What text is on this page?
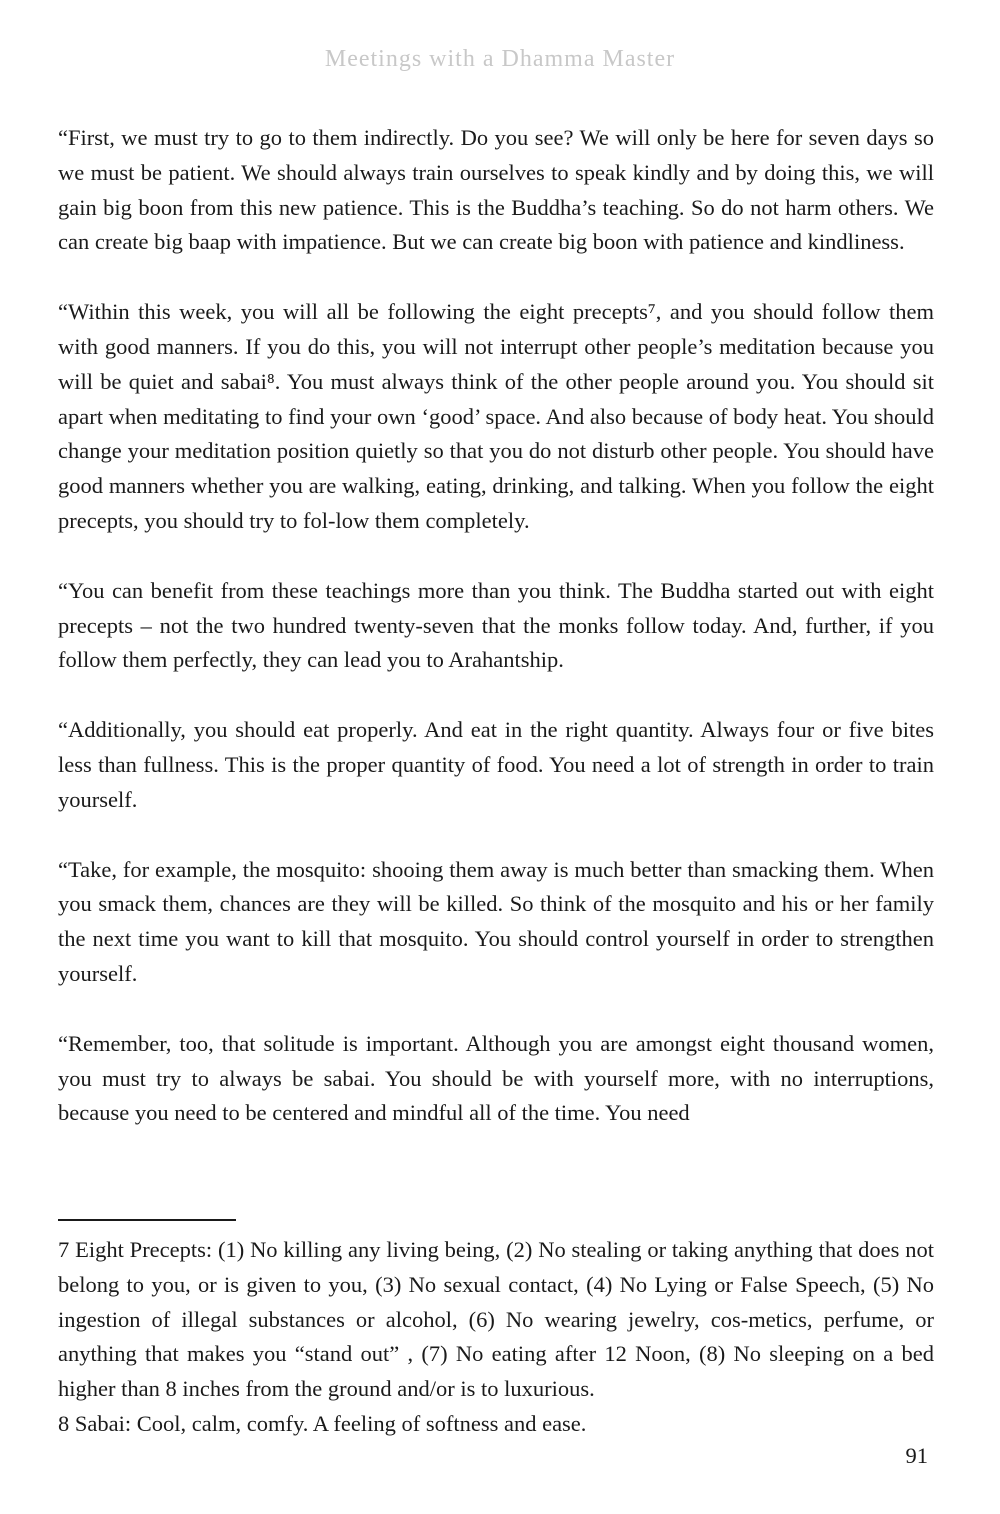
Meetings with a Dhamma Master

“First, we must try to go to them indirectly. Do you see? We will only be here for seven days so we must be patient. We should always train ourselves to speak kindly and by doing this, we will gain big boon from this new patience. This is the Buddha’s teaching. So do not harm others. We can create big baap with impatience. But we can create big boon with patience and kindliness.

“Within this week, you will all be following the eight precepts⁷, and you should follow them with good manners. If you do this, you will not interrupt other people’s meditation because you will be quiet and sabai⁸. You must always think of the other people around you. You should sit apart when meditating to find your own ‘good’ space. And also because of body heat. You should change your meditation position quietly so that you do not disturb other people. You should have good manners whether you are walking, eating, drinking, and talking. When you follow the eight precepts, you should try to fol-low them completely.

“You can benefit from these teachings more than you think. The Buddha started out with eight precepts – not the two hundred twenty-seven that the monks follow today. And, further, if you follow them perfectly, they can lead you to Arahantship.

“Additionally, you should eat properly. And eat in the right quantity. Always four or five bites less than fullness. This is the proper quantity of food. You need a lot of strength in order to train yourself.

“Take, for example, the mosquito: shooing them away is much better than smacking them. When you smack them, chances are they will be killed. So think of the mosquito and his or her family the next time you want to kill that mosquito. You should control yourself in order to strengthen yourself.

“Remember, too, that solitude is important. Although you are amongst eight thousand women, you must try to always be sabai. You should be with yourself more, with no interruptions, because you need to be centered and mindful all of the time. You need

7 Eight Precepts: (1) No killing any living being, (2) No stealing or taking anything that does not belong to you, or is given to you, (3) No sexual contact, (4) No Lying or False Speech, (5) No ingestion of illegal substances or alcohol, (6) No wearing jewelry, cos-metics, perfume, or anything that makes you “stand out” , (7) No eating after 12 Noon, (8) No sleeping on a bed higher than 8 inches from the ground and/or is to luxurious.

8 Sabai: Cool, calm, comfy. A feeling of softness and ease.

91
